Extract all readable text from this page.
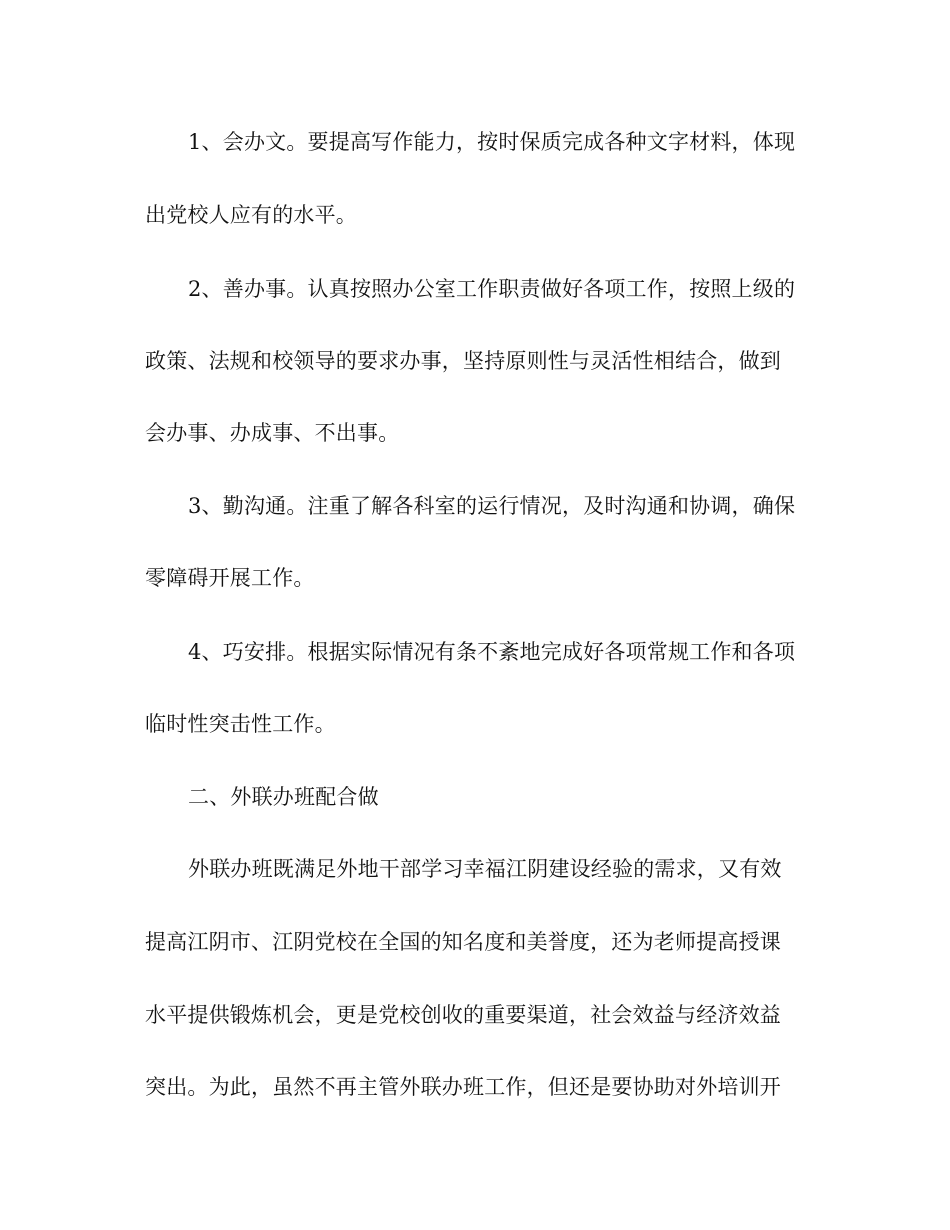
1、会办文。要提高写作能力，按时保质完成各种文字材料，体现
出党校人应有的水平。
2、善办事。认真按照办公室工作职责做好各项工作，按照上级的
政策、法规和校领导的要求办事，坚持原则性与灵活性相结合，做到
会办事、办成事、不出事。
3、勤沟通。注重了解各科室的运行情况，及时沟通和协调，确保
零障碍开展工作。
4、巧安排。根据实际情况有条不紊地完成好各项常规工作和各项
临时性突击性工作。
二、外联办班配合做
外联办班既满足外地干部学习幸福江阴建设经验的需求，又有效
提高江阴市、江阴党校在全国的知名度和美誉度，还为老师提高授课
水平提供锻炼机会，更是党校创收的重要渠道，社会效益与经济效益
突出。为此，虽然不再主管外联办班工作，但还是要协助对外培训开
